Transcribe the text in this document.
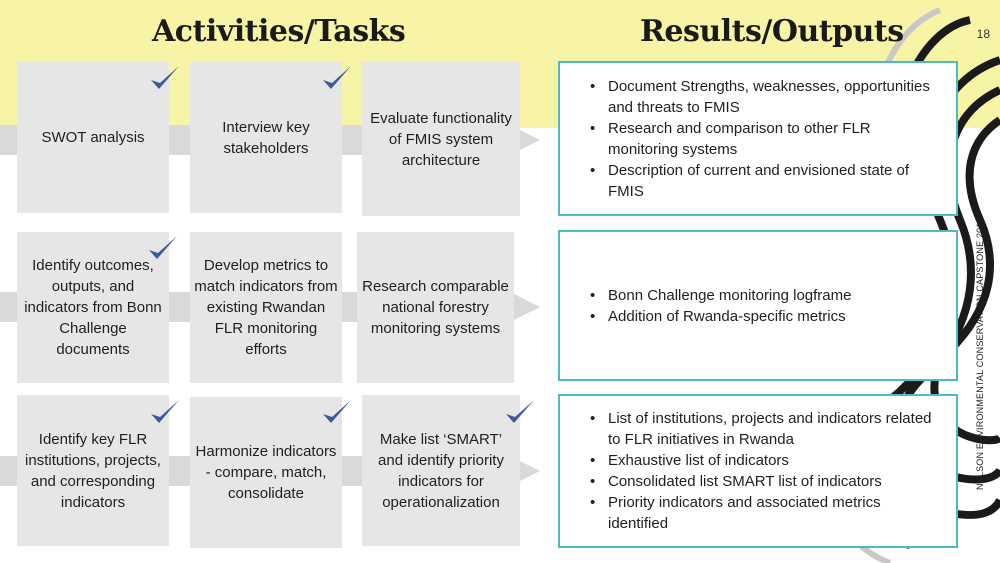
NELSON ENVIRONMENTAL CONSERVATION CAPSTONE 2018
Activities/Tasks	Results/Outputs	18
SWOT analysis
Interview key stakeholders
Evaluate functionality of FMIS system architecture
Identify outcomes, outputs, and indicators from Bonn Challenge documents
Develop metrics to match indicators from existing Rwandan FLR monitoring efforts
Research comparable national forestry monitoring systems
Identify key FLR institutions, projects, and corresponding indicators
Harmonize indicators - compare, match, consolidate
Make list ‘SMART’ and identify priority indicators for operationalization
• Document Strengths, weaknesses, opportunities and threats to FMIS
• Research and comparison to other FLR monitoring systems
• Description of current and envisioned state of FMIS
• Bonn Challenge monitoring logframe
• Addition of Rwanda-specific metrics
• List of institutions, projects and indicators related to FLR initiatives in Rwanda
• Exhaustive list of indicators
• Consolidated list SMART list of indicators
• Priority indicators and associated metrics identified
